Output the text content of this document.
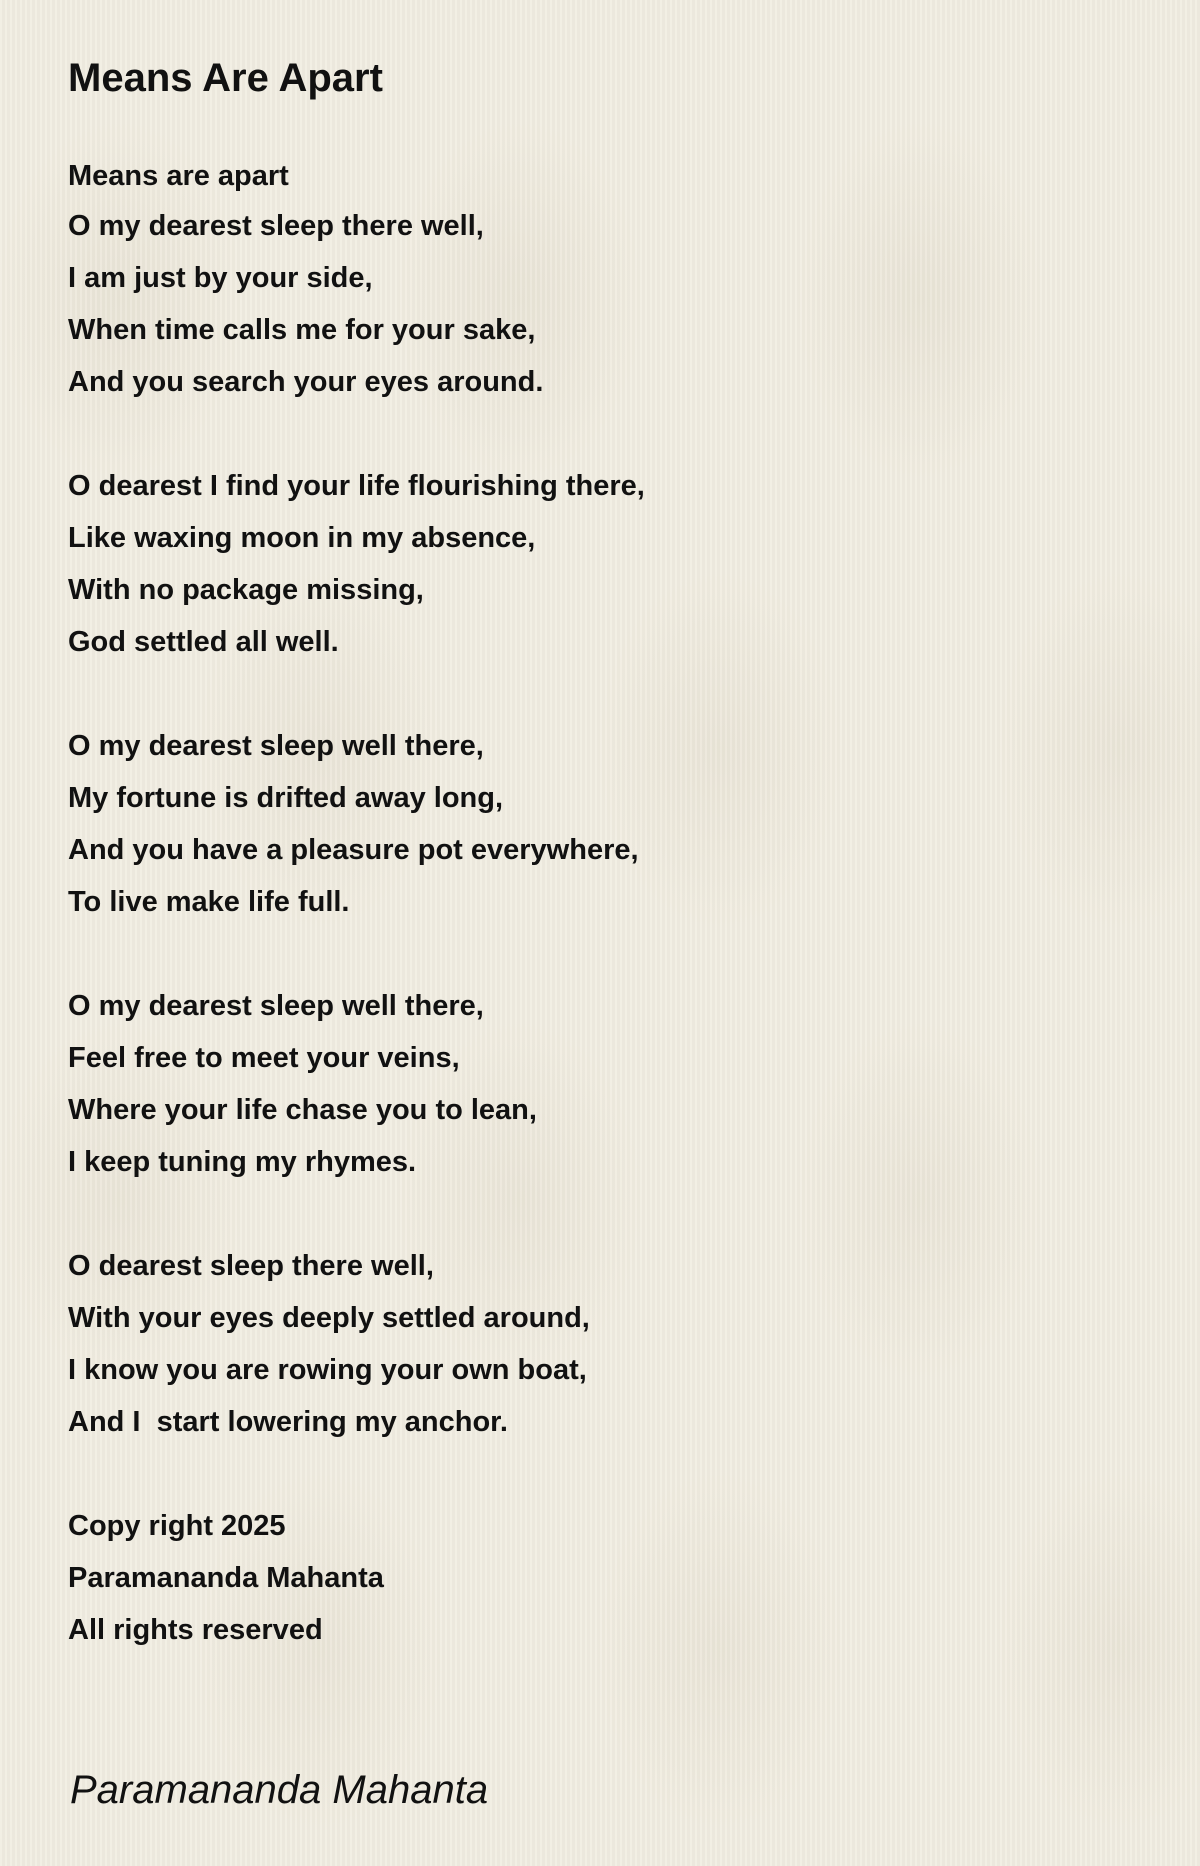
Means Are Apart
Means are apart
O my dearest sleep there well,
I am just by your side,
When time calls me for your sake,
And you search your eyes around.
O dearest I find your life flourishing there,
Like waxing moon in my absence,
With no package missing,
God settled all well.
O my dearest sleep well there,
My fortune is drifted away long,
And you have a pleasure pot everywhere,
To live make life full.
O my dearest sleep well there,
Feel free to meet your veins,
Where your life chase you to lean,
I keep tuning my rhymes.
O dearest sleep there well,
With your eyes deeply settled around,
I know you are rowing your own boat,
And I  start lowering my anchor.
Copy right 2025
Paramananda Mahanta
All rights reserved
Paramananda Mahanta
